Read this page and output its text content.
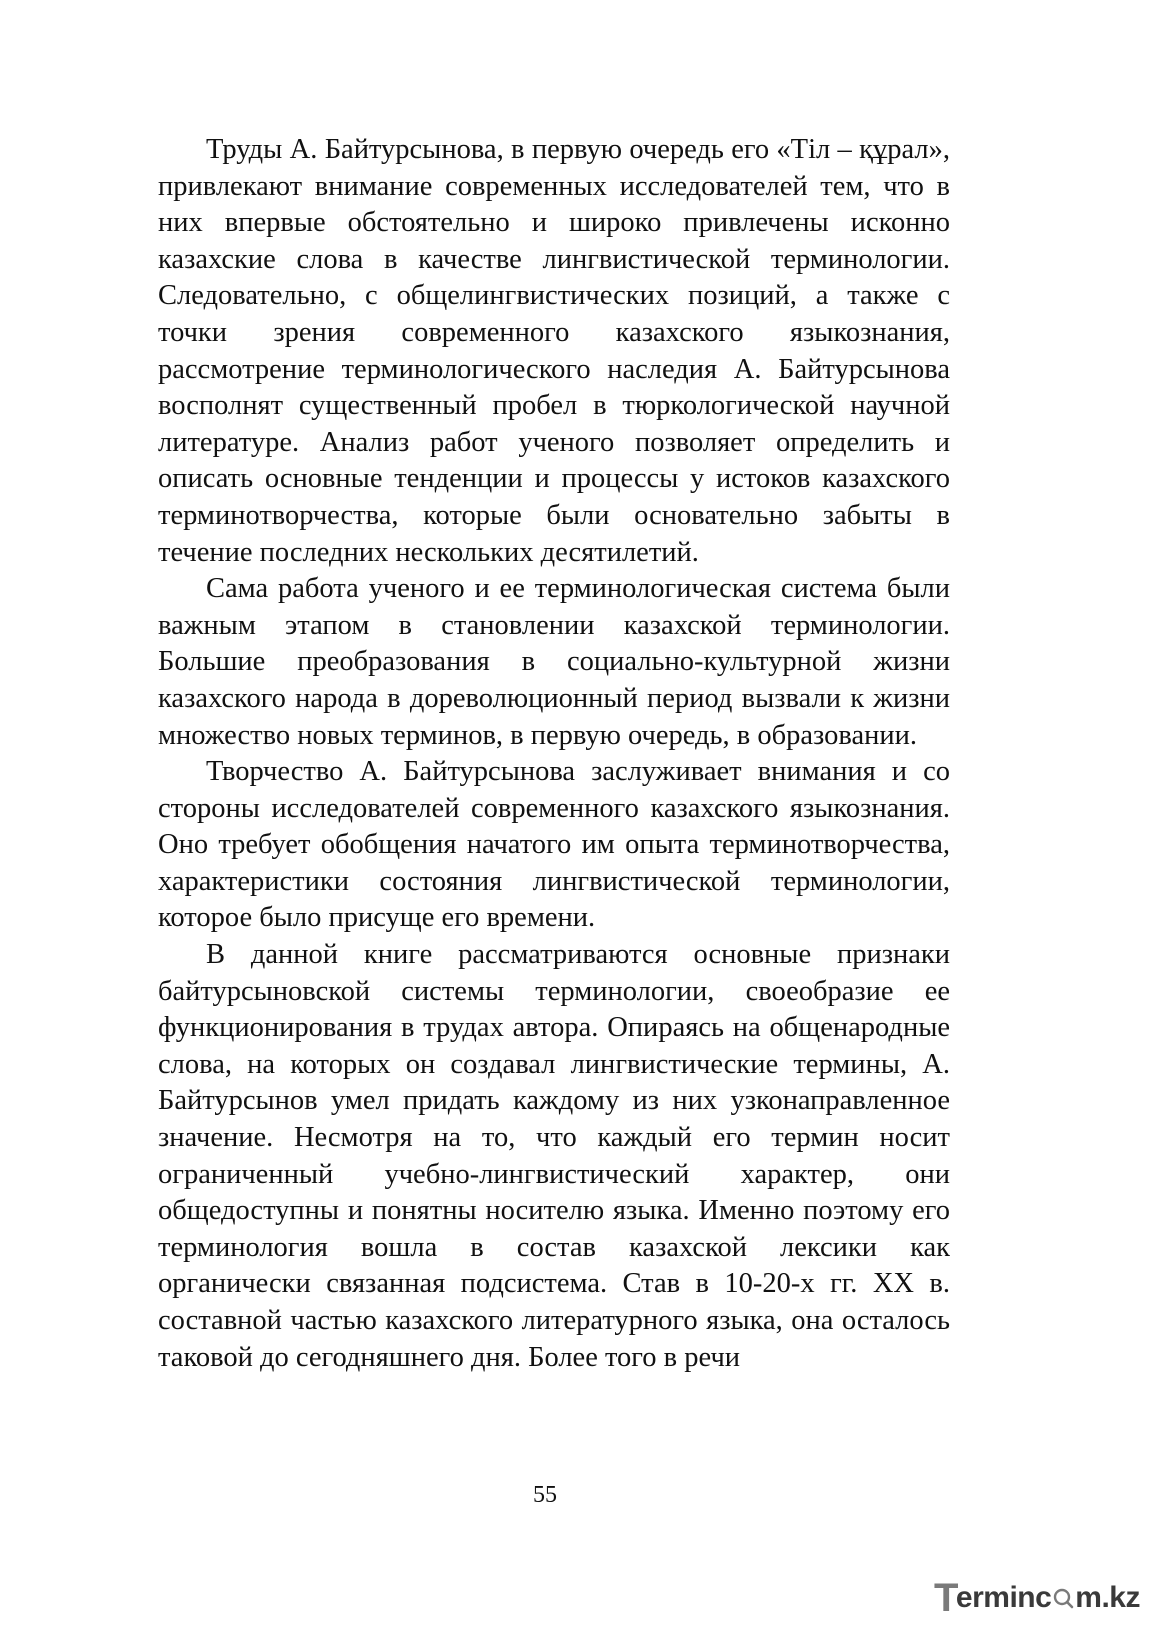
Труды А. Байтурсынова, в первую очередь его «Тіл – құрал», привлекают внимание современных исследователей тем, что в них впервые обстоятельно и широко привлечены исконно казахские слова в качестве лингвистической терминологии. Следовательно, с общелингвистических позиций, а также с точки зрения современного казахского языкознания, рассмотрение терминологического наследия А. Байтурсынова восполнят существенный пробел в тюркологической научной литературе. Анализ работ ученого позволяет определить и описать основные тенденции и процессы у истоков казахского терминотворчества, которые были основательно забыты в течение последних нескольких десятилетий.

Сама работа ученого и ее терминологическая система были важным этапом в становлении казахской терминологии. Большие преобразования в социально-культурной жизни казахского народа в дореволюционный период вызвали к жизни множество новых терминов, в первую очередь, в образовании.

Творчество А. Байтурсынова заслуживает внимания и со стороны исследователей современного казахского языкознания. Оно требует обобщения начатого им опыта терминотворчества, характеристики состояния лингвистической терминологии, которое было присуще его времени.

В данной книге рассматриваются основные признаки байтурсыновской системы терминологии, своеобразие ее функционирования в трудах автора. Опираясь на общенародные слова, на которых он создавал лингвистические термины, А. Байтурсынов умел придать каждому из них узконаправленное значение. Несмотря на то, что каждый его термин носит ограниченный учебно-лингвистический характер, они общедоступны и понятны носителю языка. Именно поэтому его терминология вошла в состав казахской лексики как органически связанная подсистема. Став в 10-20-х гг. XX в. составной частью казахского литературного языка, она осталось таковой до сегодняшнего дня. Более того в речи

55
T
erminc m.kz
